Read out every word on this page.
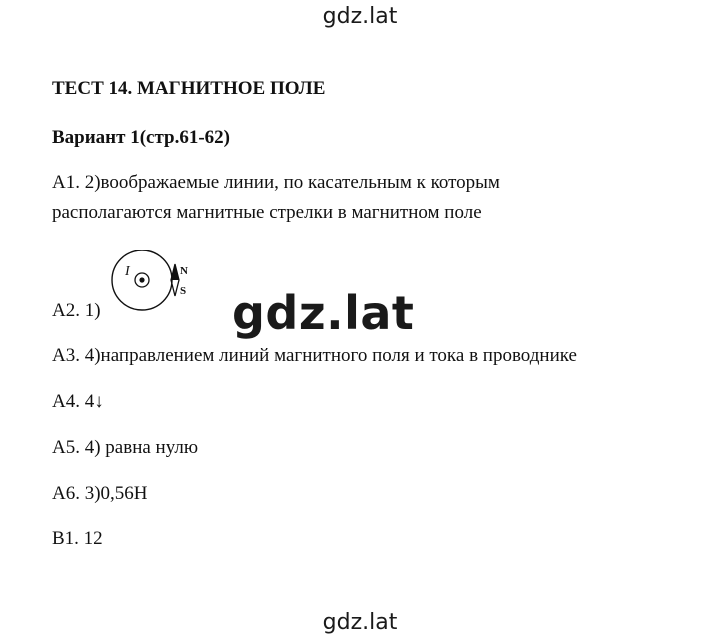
gdz.lat
ТЕСТ 14. МАГНИТНОЕ ПОЛЕ
Вариант 1(стр.61-62)
A1. 2)воображаемые линии, по касательным к которым
располагаются магнитные стрелки в магнитном поле
I	N
S
A2. 1)	gdz.lat
A3. 4)направлением линий магнитного поля и тока в проводнике
A4. 4↓
A5. 4) равна нулю
A6. 3)0,56H
B1. 12
gdz.lat
